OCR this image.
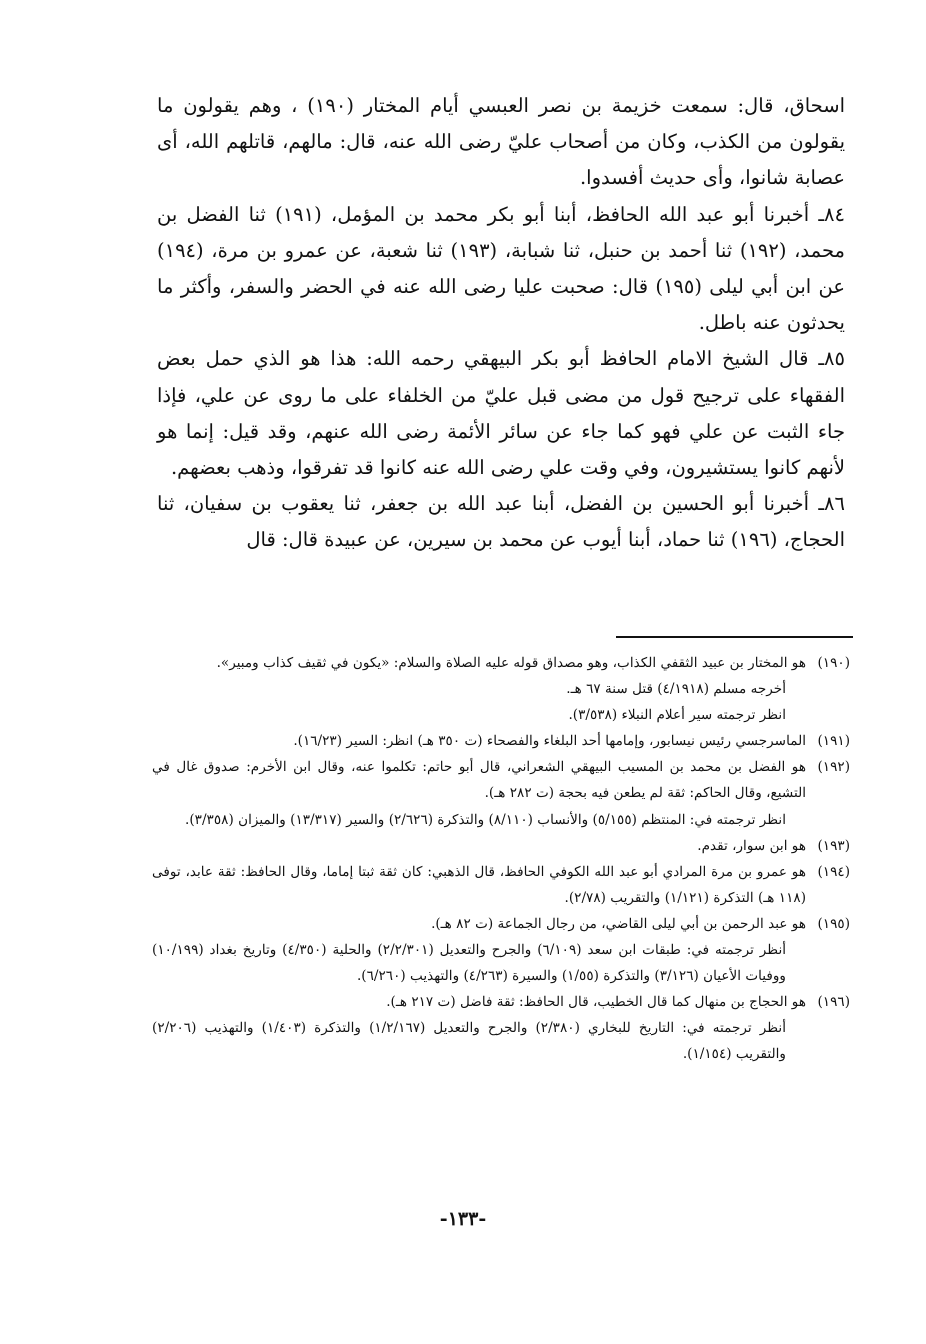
اسحاق، قال: سمعت خزيمة بن نصر العبسي أيام المختار (١٩٠) ، وهم يقولون ما يقولون من الكذب، وكان من أصحاب عليّ رضى الله عنه، قال: مالهم، قاتلهم الله، أى عصابة شانوا، وأى حديث أفسدوا.

٨٤ـ أخبرنا أبو عبد الله الحافظ، أبنا أبو بكر محمد بن المؤمل، (١٩١) ثنا الفضل بن محمد، (١٩٢) ثنا أحمد بن حنبل، ثنا شبابة، (١٩٣) ثنا شعبة، عن عمرو بن مرة، (١٩٤) عن ابن أبي ليلى (١٩٥) قال: صحبت عليا رضى الله عنه في الحضر والسفر، وأكثر ما يحدثون عنه باطل.

٨٥ـ قال الشيخ الامام الحافظ أبو بكر البيهقي رحمه الله: هذا هو الذي حمل بعض الفقهاء على ترجيح قول من مضى قبل عليّ من الخلفاء على ما روى عن علي، فإذا جاء الثبت عن علي فهو كما جاء عن سائر الأئمة رضى الله عنهم، وقد قيل: إنما هو لأنهم كانوا يستشيرون، وفي وقت علي رضى الله عنه كانوا قد تفرقوا، وذهب بعضهم.

٨٦ـ أخبرنا أبو الحسين بن الفضل، أبنا عبد الله بن جعفر، ثنا يعقوب بن سفيان، ثنا الحجاج، (١٩٦) ثنا حماد، أبنا أيوب عن محمد بن سيرين، عن عبيدة قال: قال

(١٩٠)
هو المختار بن عبيد الثقفي الكذاب، وهو مصداق قوله عليه الصلاة والسلام: «يكون في ثقيف كذاب ومبير».
أخرجه مسلم (٤/١٩١٨) قتل سنة ٦٧ هـ.
انظر ترجمته سير أعلام النبلاء (٣/٥٣٨).
(١٩١)
الماسرجسي رئيس نيسابور، وإمامها أحد البلغاء والفصحاء (ت ٣٥٠ هـ) انظر: السير (١٦/٢٣).
(١٩٢)
هو الفضل بن محمد بن المسيب البيهقي الشعراني، قال أبو حاتم: تكلموا عنه، وقال ابن الأخرم: صدوق غال في التشيع، وقال الحاكم: ثقة لم يطعن فيه بحجة (ت ٢٨٢ هـ).
انظر ترجمته في: المنتظم (٥/١٥٥) والأنساب (٨/١١٠) والتذكرة (٢/٦٢٦) والسير (١٣/٣١٧) والميزان (٣/٣٥٨).
(١٩٣)
هو ابن سوار، تقدم.
(١٩٤)
هو عمرو بن مرة المرادي أبو عبد الله الكوفي الحافظ، قال الذهبي: كان ثقة ثبتا إماما، وقال الحافظ: ثقة عابد، توفى (١١٨ هـ) التذكرة (١/١٢١) والتقريب (٢/٧٨).
(١٩٥)
هو عبد الرحمن بن أبي ليلى القاضي، من رجال الجماعة (ت ٨٢ هـ).
أنظر ترجمته في: طبقات ابن سعد (٦/١٠٩) والجرح والتعديل (٢/٢/٣٠١) والحلية (٤/٣٥٠) وتاريخ بغداد (١٠/١٩٩) ووفيات الأعيان (٣/١٢٦) والتذكرة (١/٥٥) والسيرة (٤/٢٦٣) والتهذيب (٦/٢٦٠).
(١٩٦)
هو الحجاج بن منهال كما قال الخطيب، قال الحافظ: ثقة فاضل (ت ٢١٧ هـ).
أنظر ترجمته في: التاريخ للبخاري (٢/٣٨٠) والجرح والتعديل (١/٢/١٦٧) والتذكرة (١/٤٠٣) والتهذيب (٢/٢٠٦) والتقريب (١/١٥٤).
-١٣٣-
